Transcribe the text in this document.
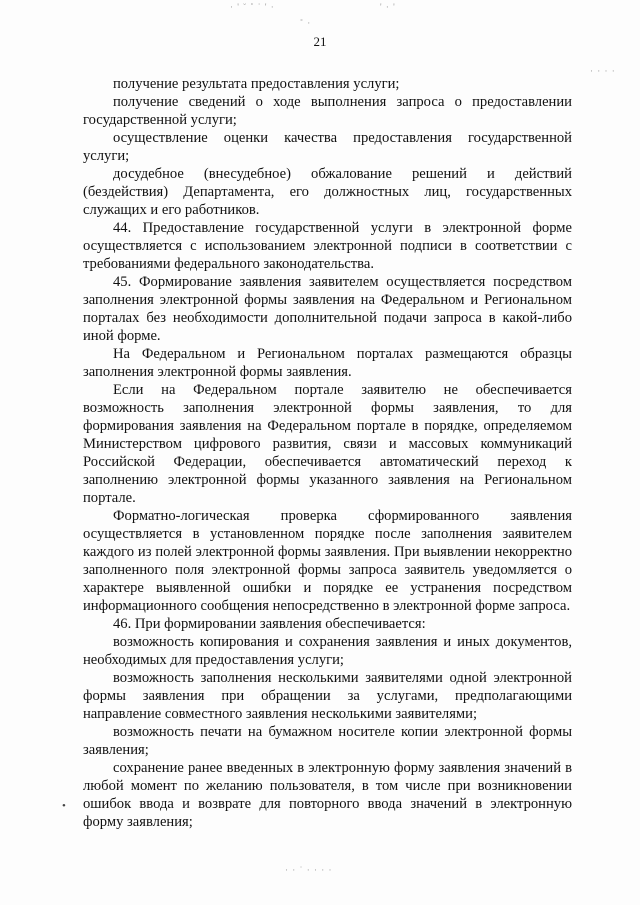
· ' ˘ ˚ ˙ ' ·
˚ ·
' · '
· · · ·
· · ˙ · · · ·
•
21

получение результата предоставления услуги;

получение сведений о ходе выполнения запроса о предоставлении государственной услуги;

осуществление оценки качества предоставления государственной услуги;

досудебное (внесудебное) обжалование решений и действий (бездействия) Департамента, его должностных лиц, государственных служащих и его работников.

44. Предоставление государственной услуги в электронной форме осуществляется с использованием электронной подписи в соответствии с требованиями федерального законодательства.

45. Формирование заявления заявителем осуществляется посредством заполнения электронной формы заявления на Федеральном и Региональном порталах без необходимости дополнительной подачи запроса в какой-либо иной форме.

На Федеральном и Региональном порталах размещаются образцы заполнения электронной формы заявления.

Если на Федеральном портале заявителю не обеспечивается возможность заполнения электронной формы заявления, то для формирования заявления на Федеральном портале в порядке, определяемом Министерством цифрового развития, связи и массовых коммуникаций Российской Федерации, обеспечивается автоматический переход к заполнению электронной формы указанного заявления на Региональном портале.

Форматно-логическая проверка сформированного заявления осуществляется в установленном порядке после заполнения заявителем каждого из полей электронной формы заявления. При выявлении некорректно заполненного поля электронной формы запроса заявитель уведомляется о характере выявленной ошибки и порядке ее устранения посредством информационного сообщения непосредственно в электронной форме запроса.

46. При формировании заявления обеспечивается:

возможность копирования и сохранения заявления и иных документов, необходимых для предоставления услуги;

возможность заполнения несколькими заявителями одной электронной формы заявления при обращении за услугами, предполагающими направление совместного заявления несколькими заявителями;

возможность печати на бумажном носителе копии электронной формы заявления;

сохранение ранее введенных в электронную форму заявления значений в любой момент по желанию пользователя, в том числе при возникновении ошибок ввода и возврате для повторного ввода значений в электронную форму заявления;
